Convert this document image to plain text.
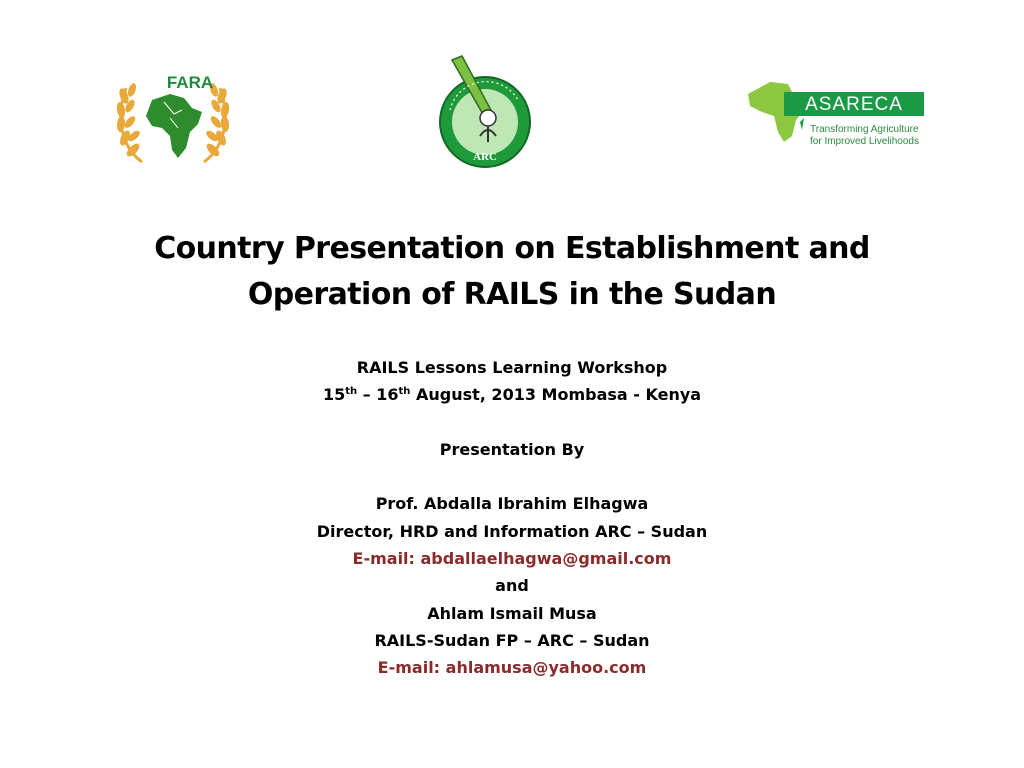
FARA
ARC
ASARECA
Transforming Agriculture
for Improved Livelihoods
Country Presentation on Establishment and
Operation of RAILS in the Sudan
RAILS Lessons Learning Workshop
15th – 16th August, 2013 Mombasa - Kenya
Presentation By
Prof. Abdalla Ibrahim Elhagwa
Director, HRD and Information ARC – Sudan
E-mail: abdallaelhagwa@gmail.com
and
Ahlam Ismail Musa
RAILS-Sudan FP – ARC – Sudan
E-mail: ahlamusa@yahoo.com
